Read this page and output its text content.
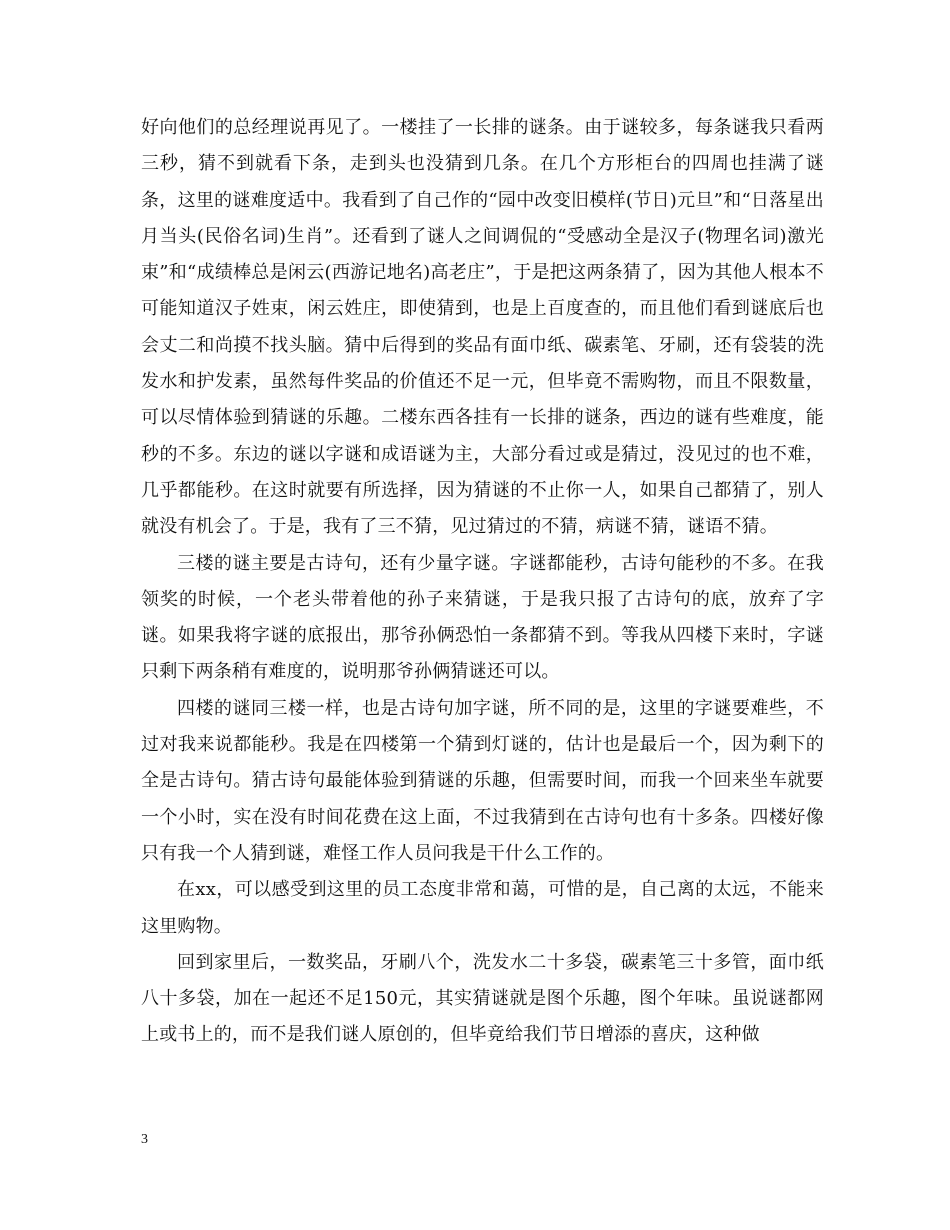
好向他们的总经理说再见了。一楼挂了一长排的谜条。由于谜较多，每条谜我只看两三秒，猜不到就看下条，走到头也没猜到几条。在几个方形柜台的四周也挂满了谜条，这里的谜难度适中。我看到了自己作的“园中改变旧模样(节日)元旦”和“日落星出月当头(民俗名词)生肖”。还看到了谜人之间调侃的“受感动全是汉子(物理名词)激光束”和“成绩棒总是闲云(西游记地名)高老庄”，于是把这两条猜了，因为其他人根本不可能知道汉子姓束，闲云姓庄，即使猜到，也是上百度查的，而且他们看到谜底后也会丈二和尚摸不找头脑。猜中后得到的奖品有面巾纸、碳素笔、牙刷，还有袋装的洗发水和护发素，虽然每件奖品的价值还不足一元，但毕竟不需购物，而且不限数量，可以尽情体验到猜谜的乐趣。二楼东西各挂有一长排的谜条，西边的谜有些难度，能秒的不多。东边的谜以字谜和成语谜为主，大部分看过或是猜过，没见过的也不难，几乎都能秒。在这时就要有所选择，因为猜谜的不止你一人，如果自己都猜了，别人就没有机会了。于是，我有了三不猜，见过猜过的不猜，病谜不猜，谜语不猜。

三楼的谜主要是古诗句，还有少量字谜。字谜都能秒，古诗句能秒的不多。在我领奖的时候，一个老头带着他的孙子来猜谜，于是我只报了古诗句的底，放弃了字谜。如果我将字谜的底报出，那爷孙俩恐怕一条都猜不到。等我从四楼下来时，字谜只剩下两条稍有难度的，说明那爷孙俩猜谜还可以。

四楼的谜同三楼一样，也是古诗句加字谜，所不同的是，这里的字谜要难些，不过对我来说都能秒。我是在四楼第一个猜到灯谜的，估计也是最后一个，因为剩下的全是古诗句。猜古诗句最能体验到猜谜的乐趣，但需要时间，而我一个回来坐车就要一个小时，实在没有时间花费在这上面，不过我猜到在古诗句也有十多条。四楼好像只有我一个人猜到谜，难怪工作人员问我是干什么工作的。

在xx，可以感受到这里的员工态度非常和蔼，可惜的是，自己离的太远，不能来这里购物。

回到家里后，一数奖品，牙刷八个，洗发水二十多袋，碳素笔三十多管，面巾纸八十多袋，加在一起还不足150元，其实猜谜就是图个乐趣，图个年味。虽说谜都网上或书上的，而不是我们谜人原创的，但毕竟给我们节日增添的喜庆，这种做

3
